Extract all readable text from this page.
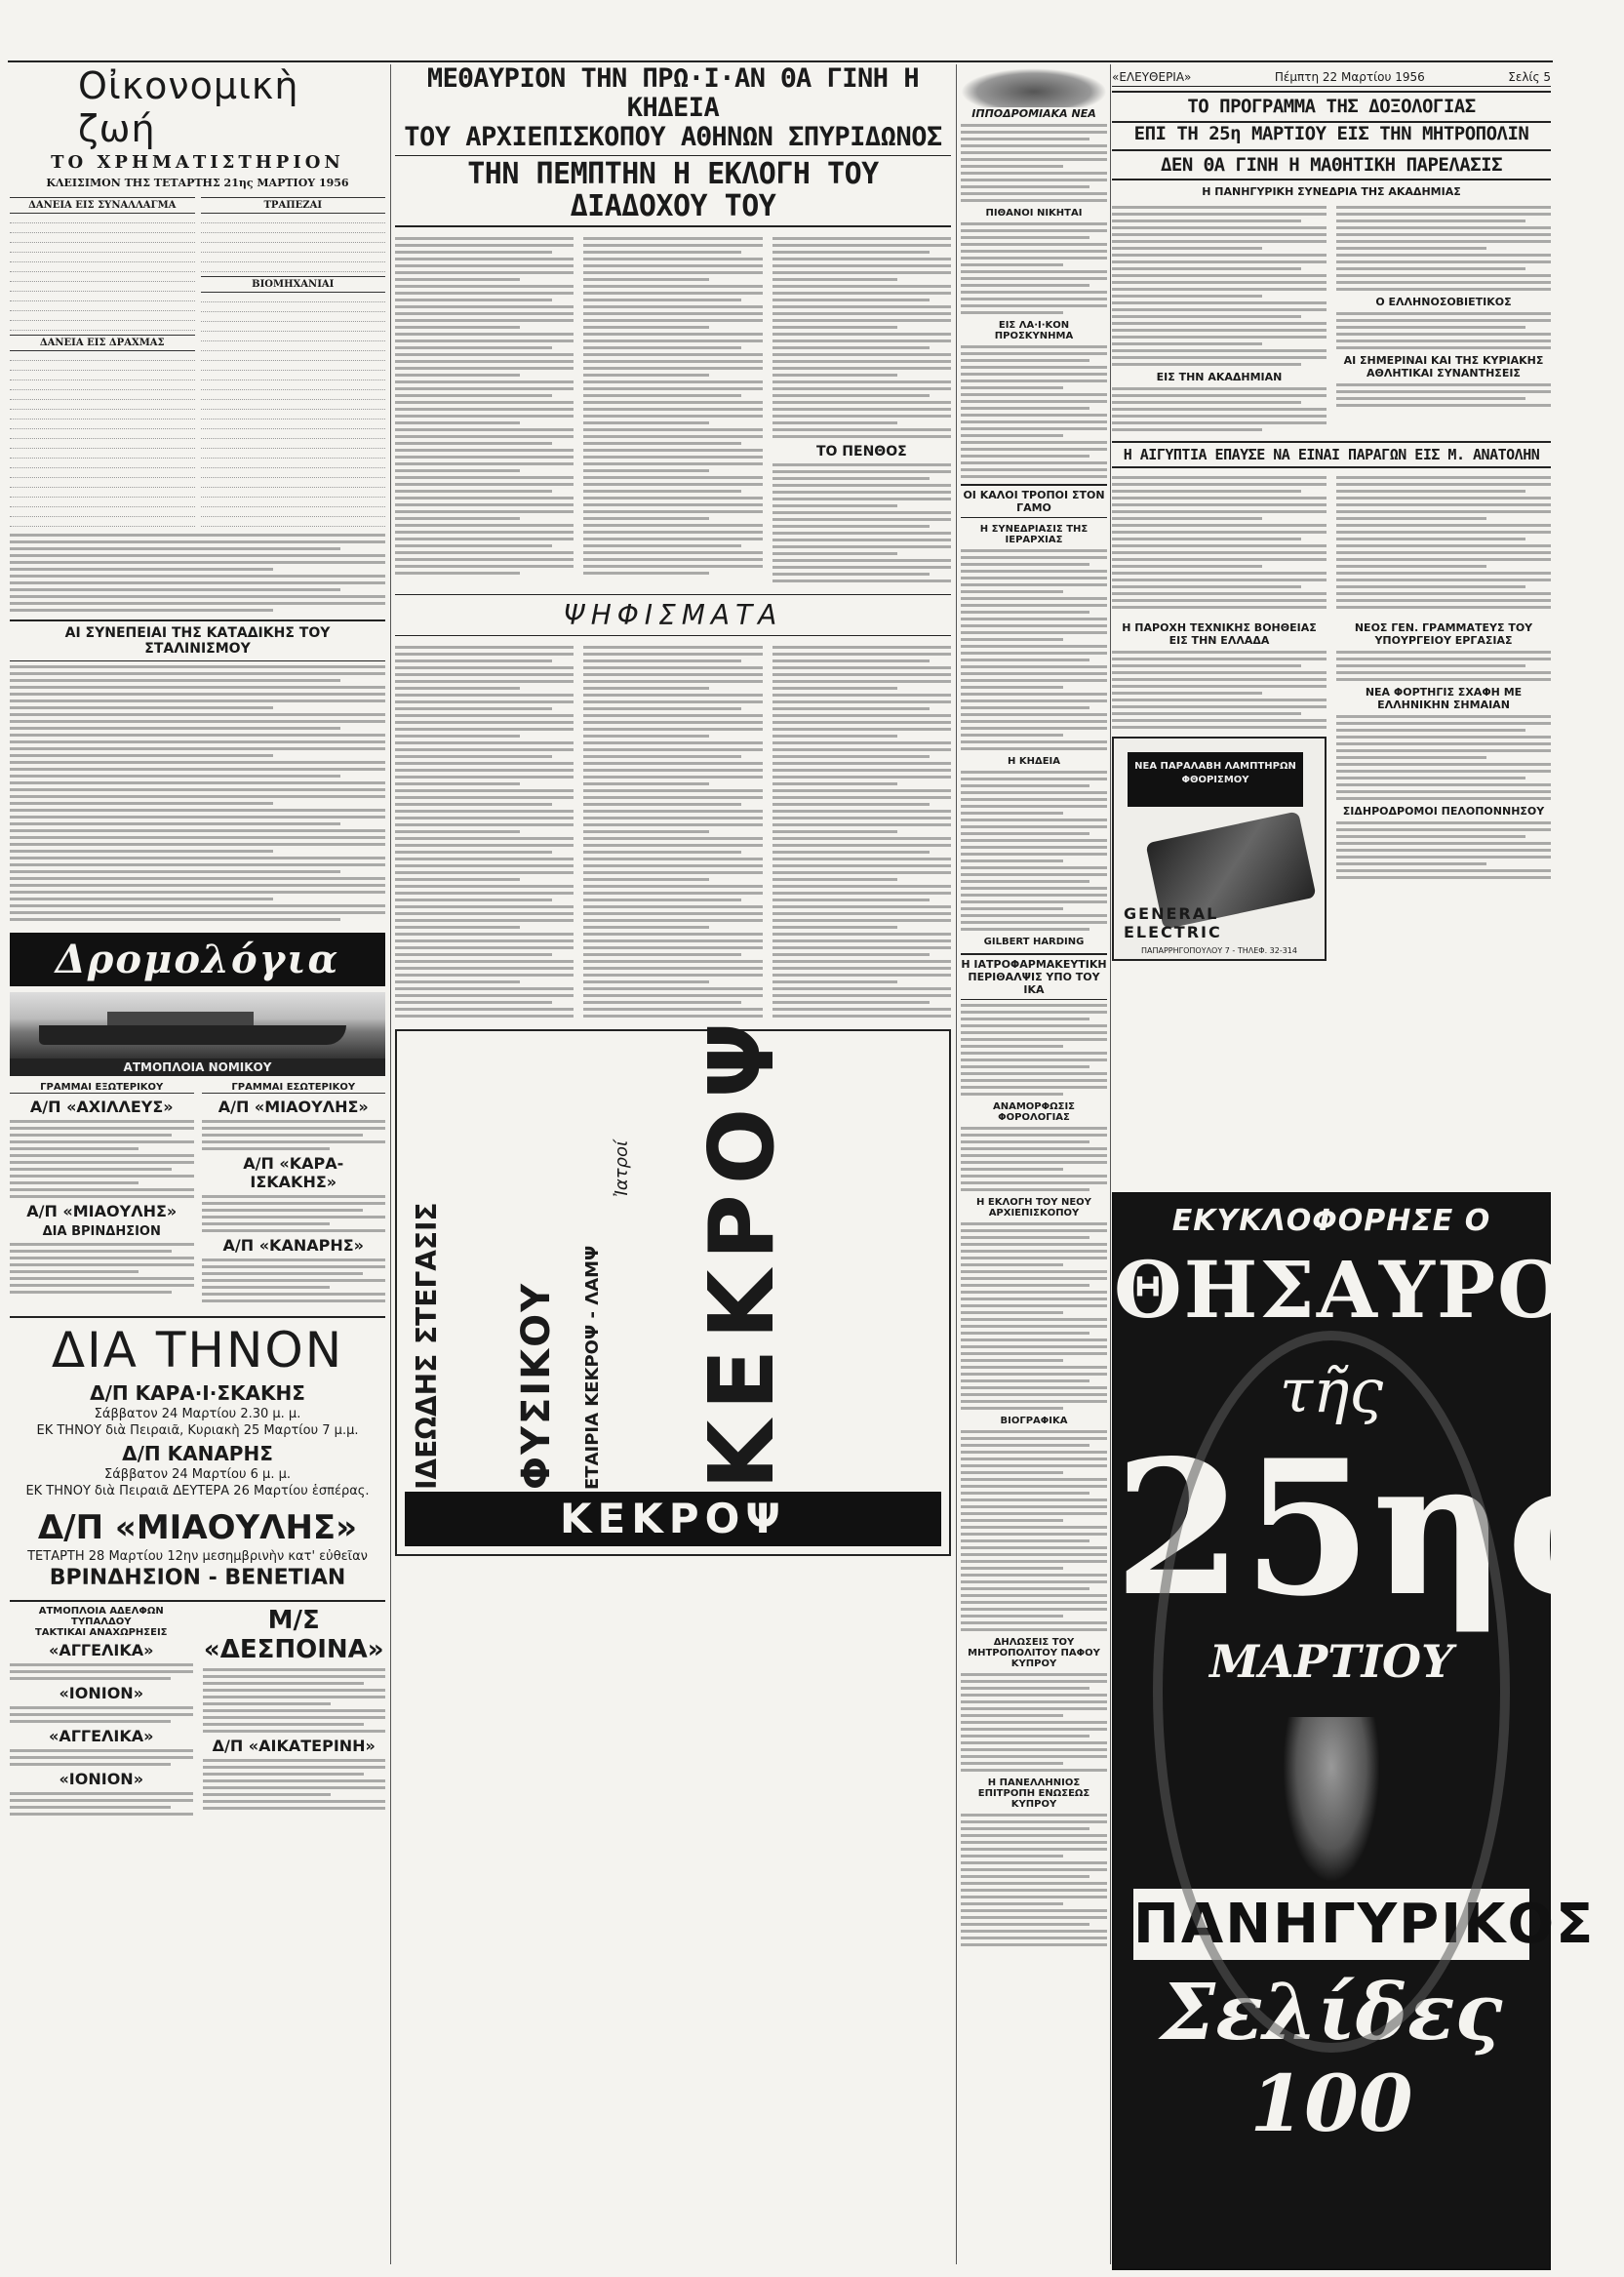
Οἰκονομικὴ ζωή
ΤΟ ΧΡΗΜΑΤΙΣΤΗΡΙΟΝ
ΚΛΕΙΣΙΜΟΝ ΤΗΣ ΤΕΤΑΡΤΗΣ 21ης ΜΑΡΤΙΟΥ 1956
ΔΑΝΕΙΑ ΕΙΣ ΣΥΝΑΛΛΑΓΜΑ
ΔΑΝΕΙΑ ΕΙΣ ΔΡΑΧΜΑΣ
ΤΡΑΠΕΖΑΙ
ΒΙΟΜΗΧΑΝΙΑΙ
ΑΙ ΣΥΝΕΠΕΙΑΙ ΤΗΣ ΚΑΤΑΔΙΚΗΣ ΤΟΥ ΣΤΑΛΙΝΙΣΜΟΥ
Δρομολόγια
ΑΤΜΟΠΛΟΙΑ ΝΟΜΙΚΟΥ
ΓΡΑΜΜΑΙ ΕΞΩΤΕΡΙΚΟΥ
Α/Π «ΑΧΙΛΛΕΥΣ»
Α/Π «ΜΙΑΟΥΛΗΣ»
ΔΙΑ ΒΡΙΝΔΗΣΙΟΝ
ΓΡΑΜΜΑΙ ΕΣΩΤΕΡΙΚΟΥ
Α/Π «ΜΙΑΟΥΛΗΣ»
Α/Π «ΚΑΡΑ-ΙΣΚΑΚΗΣ»
Α/Π «ΚΑΝΑΡΗΣ»
ΔΙΑ ΤΗΝΟΝ
Δ/Π ΚΑΡΑ·Ι·ΣΚΑΚΗΣ
Σάββατον 24 Μαρτίου 2.30 μ. μ.
ΕΚ ΤΗΝΟΥ διὰ Πειραιᾶ, Κυριακὴ 25 Μαρτίου 7 μ.μ.
Δ/Π ΚΑΝΑΡΗΣ
Σάββατον 24 Μαρτίου 6 μ. μ.
ΕΚ ΤΗΝΟΥ διὰ Πειραιᾶ ΔΕΥΤΕΡΑ 26 Μαρτίου ἑσπέρας.
Δ/Π «ΜΙΑΟΥΛΗΣ»
ΤΕΤΑΡΤΗ 28 Μαρτίου 12ην μεσημβρινὴν κατ' εὐθεῖαν
ΒΡΙΝΔΗΣΙΟΝ - ΒΕΝΕΤΙΑΝ
ΑΤΜΟΠΛΟΙΑ ΑΔΕΛΦΩΝ ΤΥΠΑΛΔΟΥ
ΤΑΚΤΙΚΑΙ ΑΝΑΧΩΡΗΣΕΙΣ
«ΑΓΓΕΛΙΚΑ»
«ΙΟΝΙΟΝ»
«ΑΓΓΕΛΙΚΑ»
«ΙΟΝΙΟΝ»
Μ/Σ «ΔΕΣΠΟΙΝΑ»
Δ/Π «ΑΙΚΑΤΕΡΙΝΗ»
ΜΕΘΑΥΡΙΟΝ ΤΗΝ ΠΡΩ·Ι·ΑΝ ΘΑ ΓΙΝΗ Η ΚΗΔΕΙΑ
ΤΟΥ ΑΡΧΙΕΠΙΣΚΟΠΟΥ ΑΘΗΝΩΝ ΣΠΥΡΙΔΩΝΟΣ
ΤΗΝ ΠΕΜΠΤΗΝ Η ΕΚΛΟΓΗ ΤΟΥ ΔΙΑΔΟΧΟΥ ΤΟΥ
ΤΟ ΠΕΝΘΟΣ
ΨΗΦΙΣΜΑΤΑ
ΙΔΕΩΔΗΣ ΣΤΕΓΑΣΙΣ ΦΥΣΙΚΟΥ ΕΤΑΙΡΙΑ ΚΕΚΡΟΨ - ΛΑΜΨ
Ἰατροί ΚΕΚΡΟΨ
ΚΕΚΡΟΨ
ΙΠΠΟΔΡΟΜΙΑΚΑ ΝΕΑ
ΠΙΘΑΝΟΙ ΝΙΚΗΤΑΙ
ΕΙΣ ΛΑ·Ι·ΚΟΝ ΠΡΟΣΚΥΝΗΜΑ
ΟΙ ΚΑΛΟΙ ΤΡΟΠΟΙ ΣΤΟΝ ΓΑΜΟ
Η ΣΥΝΕΔΡΙΑΣΙΣ ΤΗΣ ΙΕΡΑΡΧΙΑΣ
Η ΚΗΔΕΙΑ
GILBERT HARDING
Η ΙΑΤΡΟΦΑΡΜΑΚΕΥΤΙΚΗ ΠΕΡΙΘΑΛΨΙΣ ΥΠΟ ΤΟΥ ΙΚΑ
ΑΝΑΜΟΡΦΩΣΙΣ ΦΟΡΟΛΟΓΙΑΣ
Η ΕΚΛΟΓΗ ΤΟΥ ΝΕΟΥ ΑΡΧΙΕΠΙΣΚΟΠΟΥ
ΒΙΟΓΡΑΦΙΚΑ
ΔΗΛΩΣΕΙΣ ΤΟΥ ΜΗΤΡΟΠΟΛΙΤΟΥ ΠΑΦΟΥ ΚΥΠΡΟΥ
Η ΠΑΝΕΛΛΗΝΙΟΣ ΕΠΙΤΡΟΠΗ ΕΝΩΣΕΩΣ ΚΥΠΡΟΥ
«ΕΛΕΥΘΕΡΙΑ»	Πέμπτη 22 Μαρτίου 1956	Σελίς 5
ΤΟ ΠΡΟΓΡΑΜΜΑ ΤΗΣ ΔΟΞΟΛΟΓΙΑΣ
ΕΠΙ ΤΗ 25η ΜΑΡΤΙΟΥ ΕΙΣ ΤΗΝ ΜΗΤΡΟΠΟΛΙΝ
ΔΕΝ ΘΑ ΓΙΝΗ Η ΜΑΘΗΤΙΚΗ ΠΑΡΕΛΑΣΙΣ
Η ΠΑΝΗΓΥΡΙΚΗ ΣΥΝΕΔΡΙΑ ΤΗΣ ΑΚΑΔΗΜΙΑΣ
ΕΙΣ ΤΗΝ ΑΚΑΔΗΜΙΑΝ
Ο ΕΛΛΗΝΟΣΟΒΙΕΤΙΚΟΣ
ΑΙ ΣΗΜΕΡΙΝΑΙ ΚΑΙ ΤΗΣ ΚΥΡΙΑΚΗΣ ΑΘΛΗΤΙΚΑΙ ΣΥΝΑΝΤΗΣΕΙΣ
Η ΑΙΓΥΠΤΙΑ ΕΠΑΥΣΕ ΝΑ ΕΙΝΑΙ ΠΑΡΑΓΩΝ ΕΙΣ Μ. ΑΝΑΤΟΛΗΝ
Η ΠΑΡΟΧΗ ΤΕΧΝΙΚΗΣ ΒΟΗΘΕΙΑΣ ΕΙΣ ΤΗΝ ΕΛΛΑΔΑ
ΝΕΑ ΠΑΡΑΛΑΒΗ ΛΑΜΠΤΗΡΩΝ ΦΘΟΡΙΣΜΟΥ
GENERAL ELECTRIC
ΠΑΠΑΡΡΗΓΟΠΟΥΛΟΥ 7 - ΤΗΛΕΦ. 32-314
ΝΕΟΣ ΓΕΝ. ΓΡΑΜΜΑΤΕΥΣ ΤΟΥ ΥΠΟΥΡΓΕΙΟΥ ΕΡΓΑΣΙΑΣ
ΝΕΑ ΦΟΡΤΗΓΙΣ ΣΧΑΦΗ ΜΕ ΕΛΛΗΝΙΚΗΝ ΣΗΜΑΙΑΝ
ΣΙΔΗΡΟΔΡΟΜΟΙ ΠΕΛΟΠΟΝΝΗΣΟΥ
ΕΚΥΚΛΟΦΟΡΗΣΕ Ο
ΘΗΣΑΥΡΟΣ
τῆς
25ης
ΜΑΡΤΙΟΥ
ΠΑΝΗΓΥΡΙΚΟΣ
Σελίδες 100
